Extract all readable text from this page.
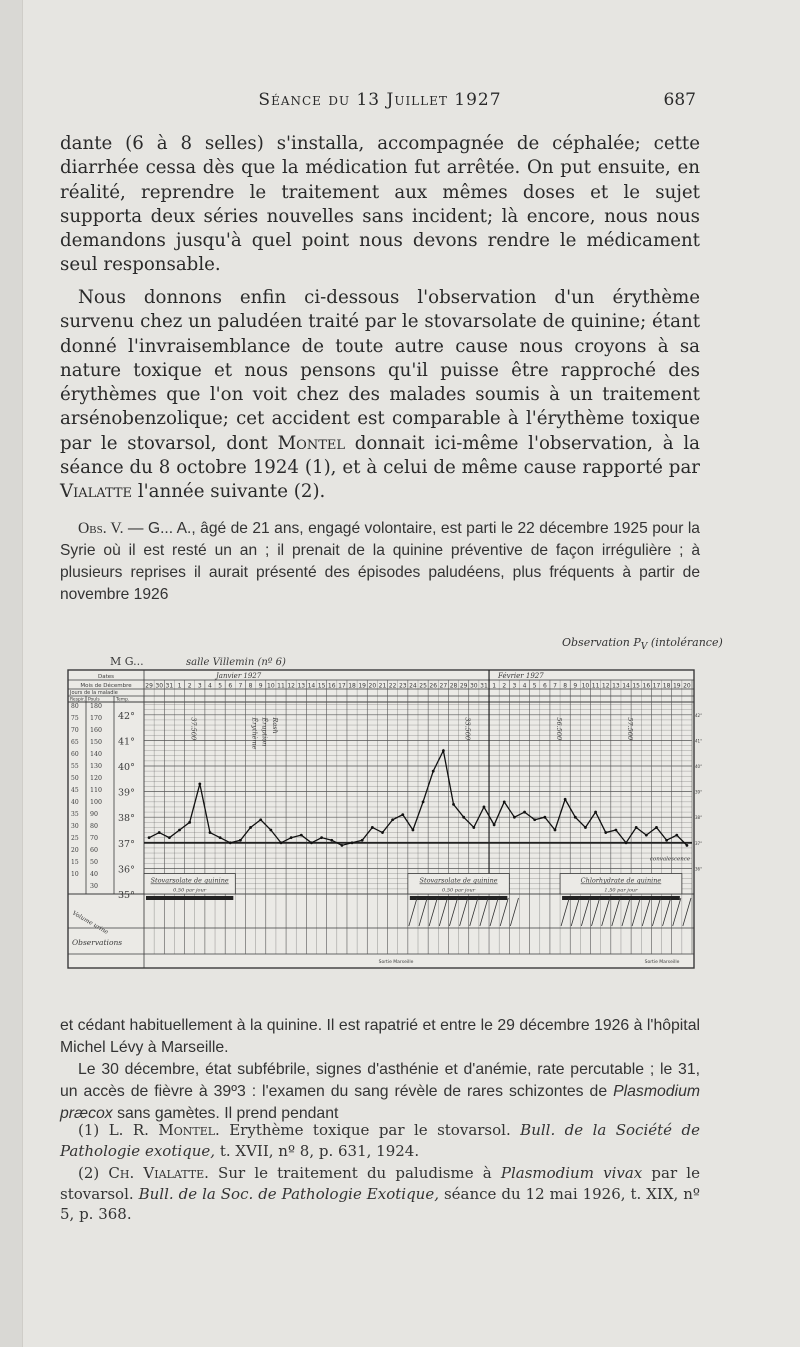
Séance du 13 Juillet 1927	687

dante (6 à 8 selles) s'installa, accompagnée de céphalée; cette diarrhée cessa dès que la médication fut arrêtée. On put ensuite, en réalité, reprendre le traitement aux mêmes doses et le sujet supporta deux séries nouvelles sans incident; là encore, nous nous demandons jusqu'à quel point nous devons rendre le médicament seul responsable.

Nous donnons enfin ci-dessous l'observation d'un érythème survenu chez un paludéen traité par le stovarsolate de quinine; étant donné l'invraisemblance de toute autre cause nous croyons à sa nature toxique et nous pensons qu'il puisse être rapproché des érythèmes que l'on voit chez des malades soumis à un traitement arsénobenzolique; cet accident est comparable à l'érythème toxique par le stovarsol, dont Montel donnait ici-même l'observation, à la séance du 8 octobre 1924 (1), et à celui de même cause rapporté par Vialatte l'année suivante (2).

Obs. V. — G... A., âgé de 21 ans, engagé volontaire, est parti le 22 décembre 1925 pour la Syrie où il est resté un an ; il prenait de la quinine préventive de façon irrégulière ; à plusieurs reprises il aurait présenté des épisodes paludéens, plus fréquents à partir de novembre 1926

Observation $P_V$ (intolérance)
29 30 31 1 2 3 4 5 6 7 8 9 10 11 12 13 14 15 16 17 18 19 20 21 22 23 24 25 26 27 28 29 30 31 1 2 3 4 5 6 7 8 9 10 11 12 13 14 15 16 17 18 19 20
M G...	salle Villemin (nº 6)
Janvier 1927	Février 1927
Dates
Mois de Décembre
Jours de la maladie
Respir. Pouls	Temp.
42°
41°
40°
39°
38°
37°
36°
35°
180
170
160
150
140
130
120
110
100
90
80
70
60
50
40
30
80
75
70
65
60
55
50
45
40
35
30
25
20
15
10
42°
41°
40°
39°
38°
37°
36°
Volume urine
Observations
Sortie Marseille	Sortie Marseille
convalescence
37.500	Érythème Éruption Rash	33.500	56.500	57.500
Stovarsolate de quinine
0,50 par jour
Stovarsolate de quinine
0,50 par jour
Chlorhydrate de quinine
1,50 par jour

et cédant habituellement à la quinine. Il est rapatrié et entre le 29 décembre 1926 à l'hôpital Michel Lévy à Marseille.

Le 30 décembre, état subfébrile, signes d'asthénie et d'anémie, rate percutable ; le 31, un accès de fièvre à 39º3 : l'examen du sang révèle de rares schizontes de Plasmodium præcox sans gamètes. Il prend pendant

(1) L. R. Montel. Erythème toxique par le stovarsol. Bull. de la Société de Pathologie exotique, t. XVII, nº 8, p. 631, 1924.

(2) Ch. Vialatte. Sur le traitement du paludisme à Plasmodium vivax par le stovarsol. Bull. de la Soc. de Pathologie Exotique, séance du 12 mai 1926, t. XIX, nº 5, p. 368.
